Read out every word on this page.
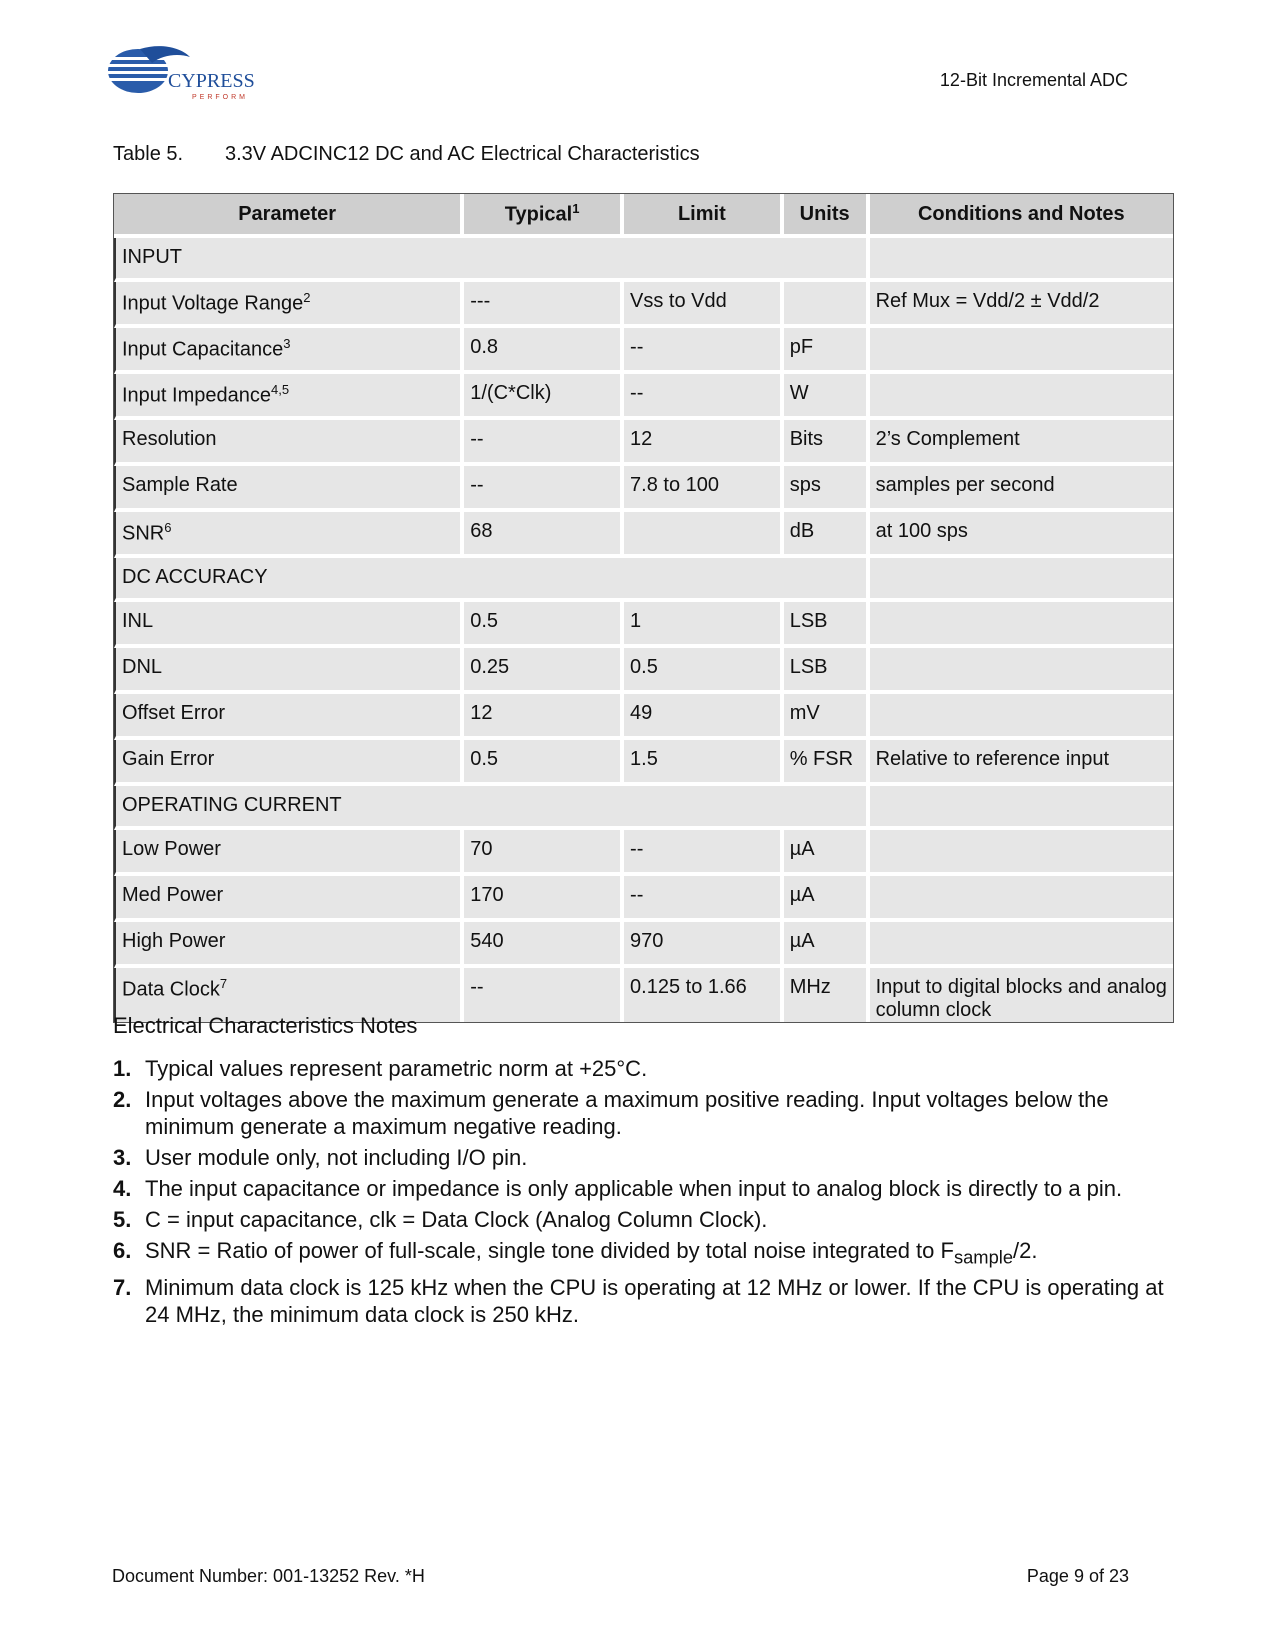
CYPRESS
PERFORM
12-Bit Incremental ADC
Table 5. 3.3V ADCINC12 DC and AC Electrical Characteristics
Parameter	Typical$^1$	Limit	Units	Conditions and Notes
INPUT				
Input Voltage Range$^2$	---	Vss to Vdd		Ref Mux = Vdd/2 ± Vdd/2
Input Capacitance$^3$	0.8	--	pF	
Input Impedance$^{4,5}$	1/(C*Clk)	--	W	
Resolution	--	12	Bits	2’s Complement
Sample Rate	--	7.8 to 100	sps	samples per second
SNR$^6$	68		dB	at 100 sps
DC ACCURACY				
INL	0.5	1	LSB	
DNL	0.25	0.5	LSB	
Offset Error	12	49	mV	
Gain Error	0.5	1.5	% FSR	Relative to reference input
OPERATING CURRENT				
Low Power	70	--	µA	
Med Power	170	--	µA	
High Power	540	970	µA	
Data Clock$^7$	--	0.125 to 1.66	MHz	Input to digital blocks and analog column clock
Electrical Characteristics Notes
1. Typical values represent parametric norm at +25°C.
2. Input voltages above the maximum generate a maximum positive reading. Input voltages below the minimum generate a maximum negative reading.
3. User module only, not including I/O pin.
4. The input capacitance or impedance is only applicable when input to analog block is directly to a pin.
5. C = input capacitance, clk = Data Clock (Analog Column Clock).
6. SNR = Ratio of power of full-scale, single tone divided by total noise integrated to $F_{sample}/2$.
7. Minimum data clock is 125 kHz when the CPU is operating at 12 MHz or lower. If the CPU is operating at 24 MHz, the minimum data clock is 250 kHz.
Document Number: 001-13252 Rev. *H	Page 9 of 23
